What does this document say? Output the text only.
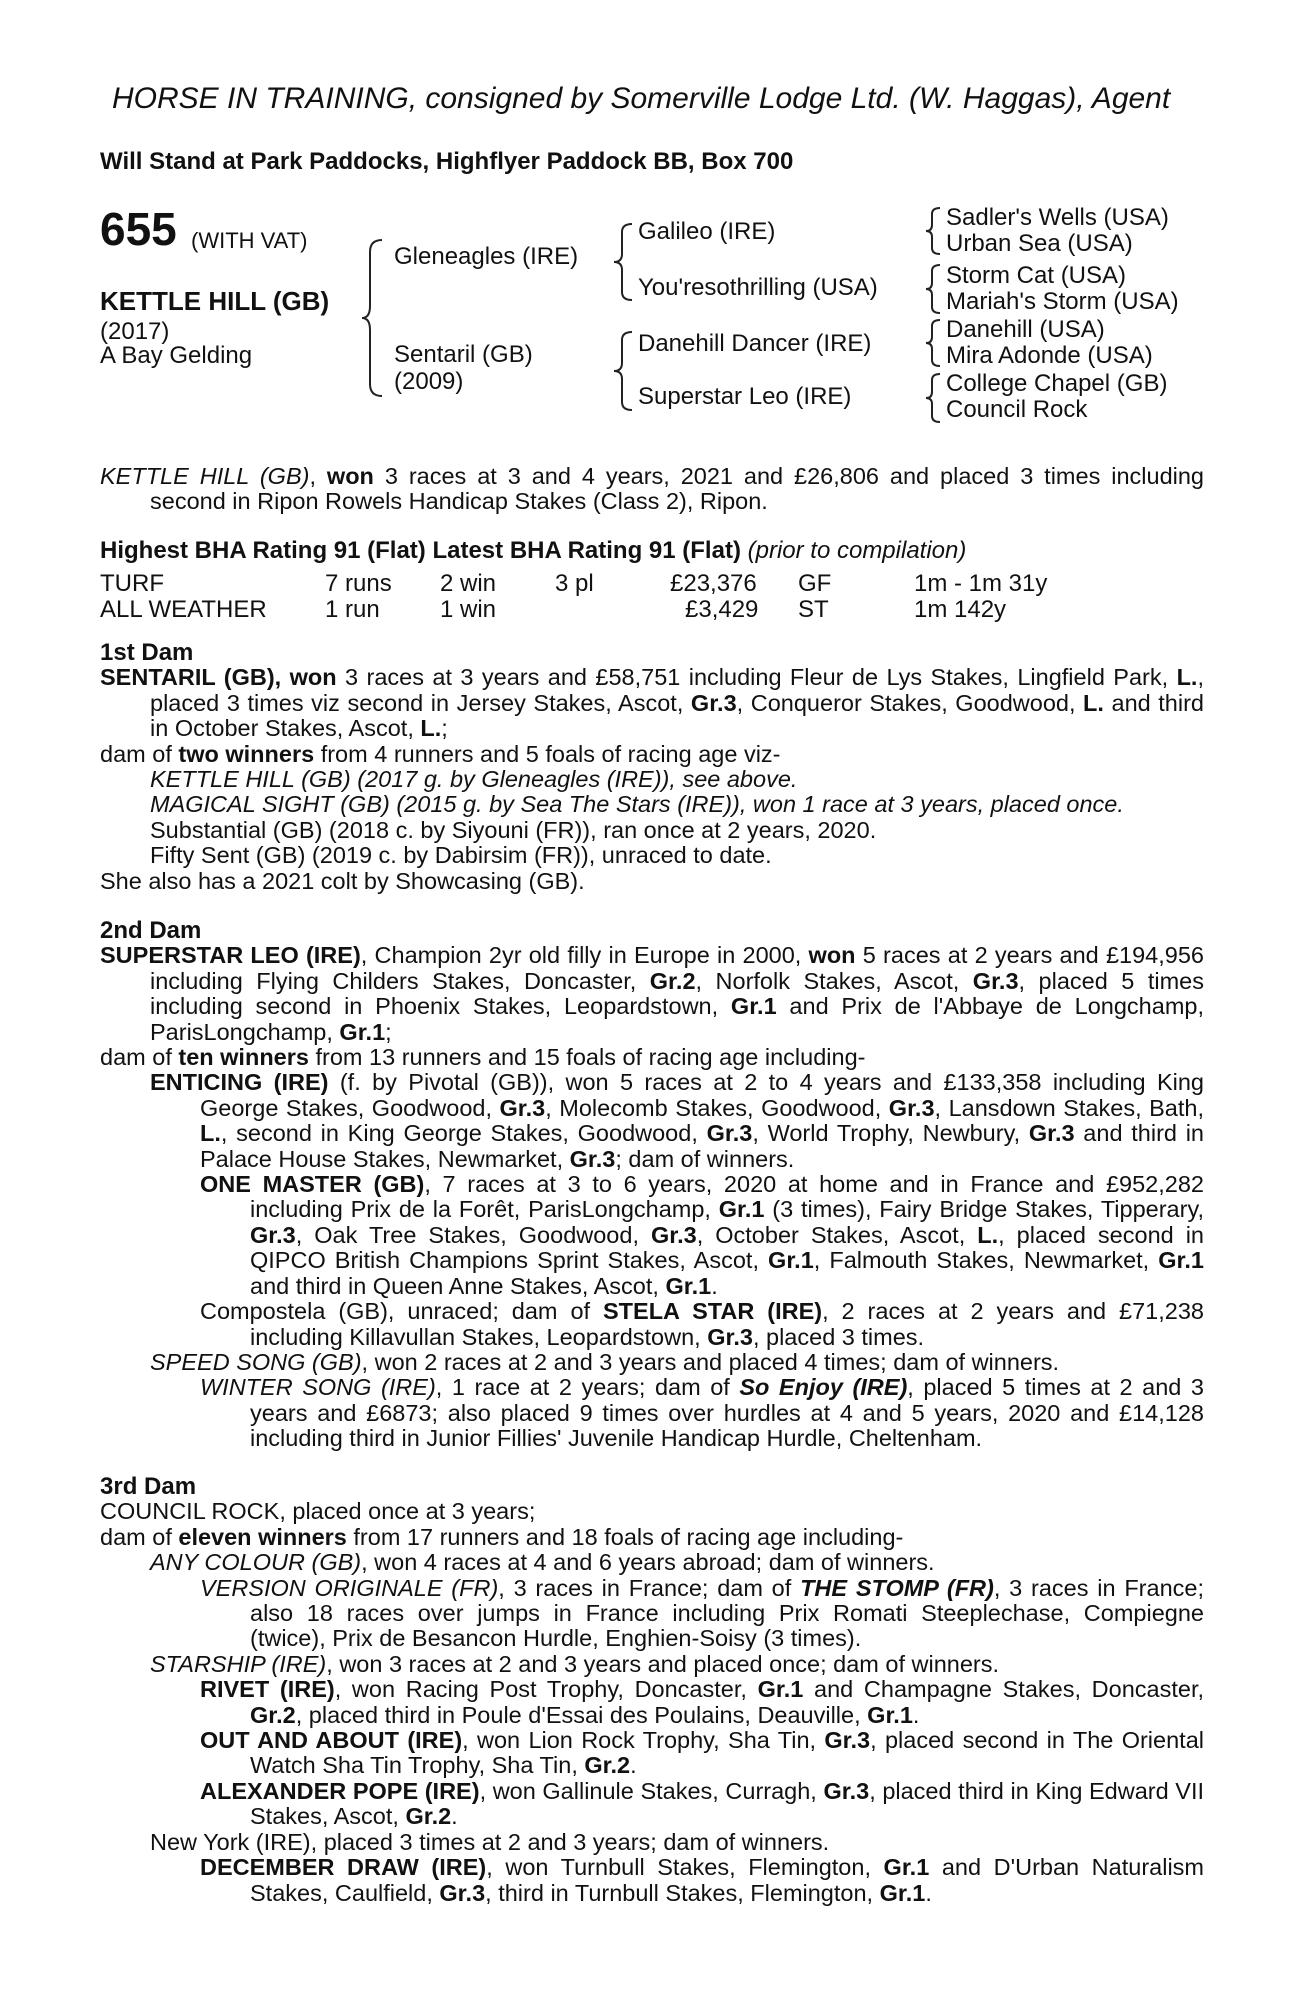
HORSE IN TRAINING, consigned by Somerville Lodge Ltd. (W. Haggas), Agent
Will Stand at Park Paddocks, Highflyer Paddock BB, Box 700
655 (WITH VAT)
KETTLE HILL (GB)
(2017)
A Bay Gelding
Gleneagles (IRE)
Sentaril (GB)
(2009)
Galileo (IRE)
You'resothrilling (USA)
Danehill Dancer (IRE)
Superstar Leo (IRE)
Sadler's Wells (USA)
Urban Sea (USA)
Storm Cat (USA)
Mariah's Storm (USA)
Danehill (USA)
Mira Adonde (USA)
College Chapel (GB)
Council Rock

KETTLE HILL (GB), won 3 races at 3 and 4 years, 2021 and £26,806 and placed 3 times including second in Ripon Rowels Handicap Stakes (Class 2), Ripon.

Highest BHA Rating 91 (Flat) Latest BHA Rating 91 (Flat) (prior to compilation)

TURF	7 runs 2 win 3 pl	£23,376 GF	1m - 1m 31y
ALL WEATHER 1 run	1 win	£3,429 ST	1m 142y

1st Dam

SENTARIL (GB), won 3 races at 3 years and £58,751 including Fleur de Lys Stakes, Lingfield Park, L., placed 3 times viz second in Jersey Stakes, Ascot, Gr.3, Conqueror Stakes, Goodwood, L. and third in October Stakes, Ascot, L.;

dam of two winners from 4 runners and 5 foals of racing age viz-

KETTLE HILL (GB) (2017 g. by Gleneagles (IRE)), see above.

MAGICAL SIGHT (GB) (2015 g. by Sea The Stars (IRE)), won 1 race at 3 years, placed once.

Substantial (GB) (2018 c. by Siyouni (FR)), ran once at 2 years, 2020.

Fifty Sent (GB) (2019 c. by Dabirsim (FR)), unraced to date.

She also has a 2021 colt by Showcasing (GB).

2nd Dam

SUPERSTAR LEO (IRE), Champion 2yr old filly in Europe in 2000, won 5 races at 2 years and £194,956 including Flying Childers Stakes, Doncaster, Gr.2, Norfolk Stakes, Ascot, Gr.3, placed 5 times including second in Phoenix Stakes, Leopardstown, Gr.1 and Prix de l'Abbaye de Longchamp, ParisLongchamp, Gr.1;

dam of ten winners from 13 runners and 15 foals of racing age including-

ENTICING (IRE) (f. by Pivotal (GB)), won 5 races at 2 to 4 years and £133,358 including King George Stakes, Goodwood, Gr.3, Molecomb Stakes, Goodwood, Gr.3, Lansdown Stakes, Bath, L., second in King George Stakes, Goodwood, Gr.3, World Trophy, Newbury, Gr.3 and third in Palace House Stakes, Newmarket, Gr.3; dam of winners.

ONE MASTER (GB), 7 races at 3 to 6 years, 2020 at home and in France and £952,282 including Prix de la Forêt, ParisLongchamp, Gr.1 (3 times), Fairy Bridge Stakes, Tipperary, Gr.3, Oak Tree Stakes, Goodwood, Gr.3, October Stakes, Ascot, L., placed second in QIPCO British Champions Sprint Stakes, Ascot, Gr.1, Falmouth Stakes, Newmarket, Gr.1 and third in Queen Anne Stakes, Ascot, Gr.1.

Compostela (GB), unraced; dam of STELA STAR (IRE), 2 races at 2 years and £71,238 including Killavullan Stakes, Leopardstown, Gr.3, placed 3 times.

SPEED SONG (GB), won 2 races at 2 and 3 years and placed 4 times; dam of winners.

WINTER SONG (IRE), 1 race at 2 years; dam of So Enjoy (IRE), placed 5 times at 2 and 3 years and £6873; also placed 9 times over hurdles at 4 and 5 years, 2020 and £14,128 including third in Junior Fillies' Juvenile Handicap Hurdle, Cheltenham.

3rd Dam

COUNCIL ROCK, placed once at 3 years;

dam of eleven winners from 17 runners and 18 foals of racing age including-

ANY COLOUR (GB), won 4 races at 4 and 6 years abroad; dam of winners.

VERSION ORIGINALE (FR), 3 races in France; dam of THE STOMP (FR), 3 races in France; also 18 races over jumps in France including Prix Romati Steeplechase, Compiegne (twice), Prix de Besancon Hurdle, Enghien-Soisy (3 times).

STARSHIP (IRE), won 3 races at 2 and 3 years and placed once; dam of winners.

RIVET (IRE), won Racing Post Trophy, Doncaster, Gr.1 and Champagne Stakes, Doncaster, Gr.2, placed third in Poule d'Essai des Poulains, Deauville, Gr.1.

OUT AND ABOUT (IRE), won Lion Rock Trophy, Sha Tin, Gr.3, placed second in The Oriental Watch Sha Tin Trophy, Sha Tin, Gr.2.

ALEXANDER POPE (IRE), won Gallinule Stakes, Curragh, Gr.3, placed third in King Edward VII Stakes, Ascot, Gr.2.

New York (IRE), placed 3 times at 2 and 3 years; dam of winners.

DECEMBER DRAW (IRE), won Turnbull Stakes, Flemington, Gr.1 and D'Urban Naturalism Stakes, Caulfield, Gr.3, third in Turnbull Stakes, Flemington, Gr.1.
